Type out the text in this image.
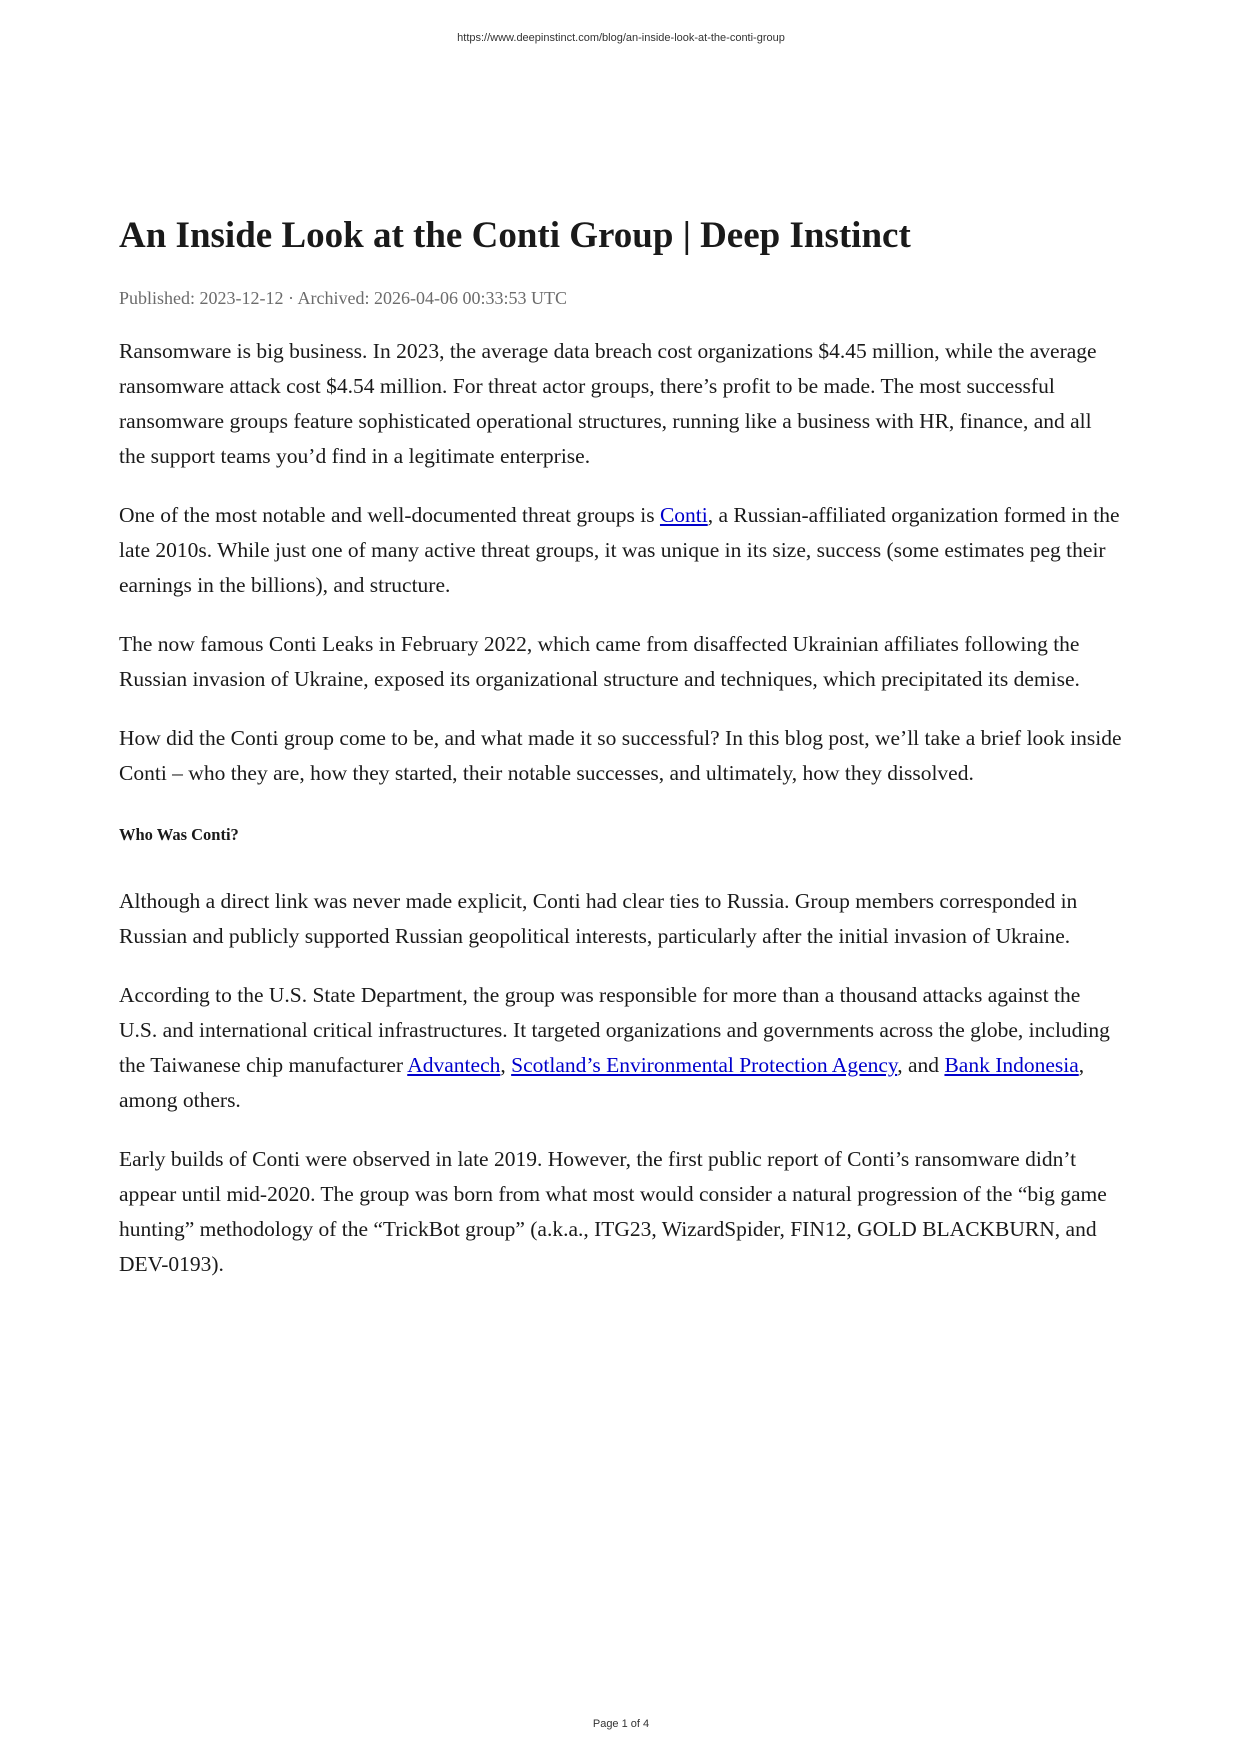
https://www.deepinstinct.com/blog/an-inside-look-at-the-conti-group
An Inside Look at the Conti Group | Deep Instinct
Published: 2023-12-12 · Archived: 2026-04-06 00:33:53 UTC

Ransomware is big business. In 2023, the average data breach cost organizations $4.45 million, while the average ransomware attack cost $4.54 million. For threat actor groups, there’s profit to be made. The most successful ransomware groups feature sophisticated operational structures, running like a business with HR, finance, and all the support teams you’d find in a legitimate enterprise.

One of the most notable and well-documented threat groups is Conti, a Russian-affiliated organization formed in the late 2010s. While just one of many active threat groups, it was unique in its size, success (some estimates peg their earnings in the billions), and structure.

The now famous Conti Leaks in February 2022, which came from disaffected Ukrainian affiliates following the Russian invasion of Ukraine, exposed its organizational structure and techniques, which precipitated its demise.

How did the Conti group come to be, and what made it so successful? In this blog post, we’ll take a brief look inside Conti – who they are, how they started, their notable successes, and ultimately, how they dissolved.

Who Was Conti?

Although a direct link was never made explicit, Conti had clear ties to Russia. Group members corresponded in Russian and publicly supported Russian geopolitical interests, particularly after the initial invasion of Ukraine.

According to the U.S. State Department, the group was responsible for more than a thousand attacks against the U.S. and international critical infrastructures. It targeted organizations and governments across the globe, including the Taiwanese chip manufacturer Advantech, Scotland’s Environmental Protection Agency, and Bank Indonesia, among others.

Early builds of Conti were observed in late 2019. However, the first public report of Conti’s ransomware didn’t appear until mid-2020. The group was born from what most would consider a natural progression of the “big game hunting” methodology of the “TrickBot group” (a.k.a., ITG23, WizardSpider, FIN12, GOLD BLACKBURN, and DEV-0193).

Page 1 of 4
